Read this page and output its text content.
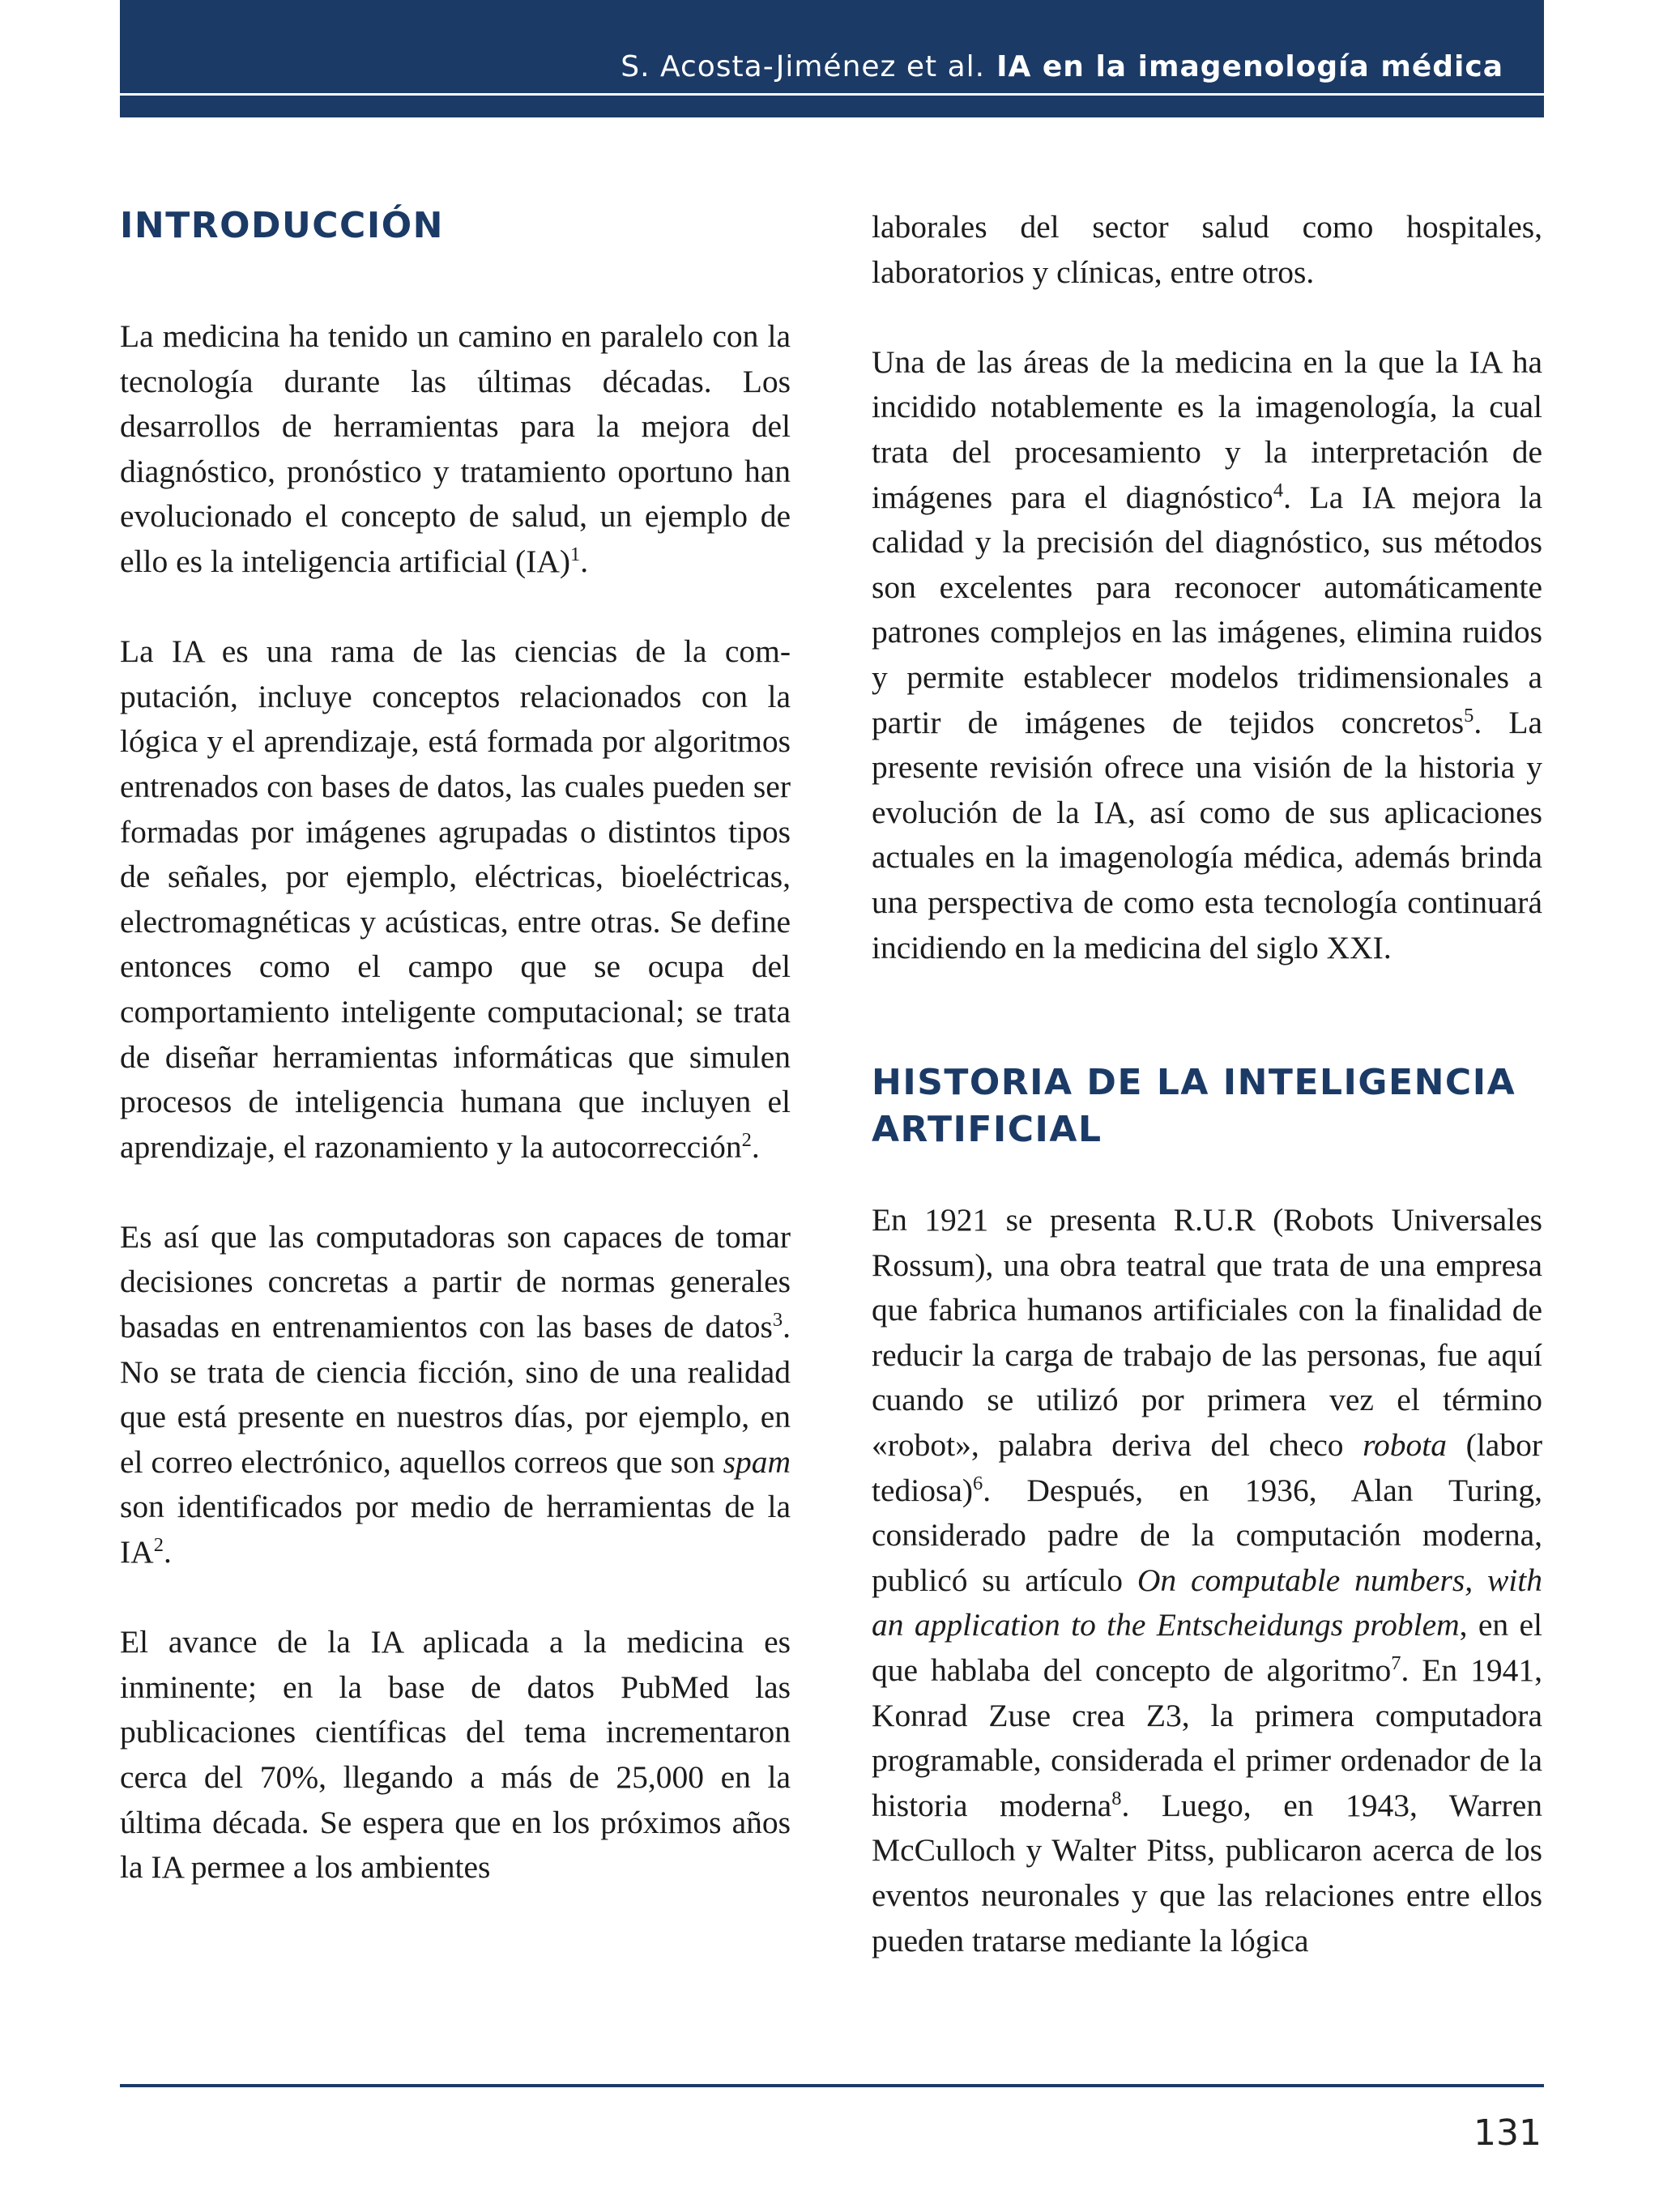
S. Acosta-Jiménez et al. IA en la imagenología médica
INTRODUCCIÓN

La medicina ha tenido un camino en paralelo con la tecnología durante las últimas décadas. Los desarrollos de herramientas para la mejora del diagnóstico, pronóstico y tratamiento oportuno han evolucionado el concepto de salud, un ejemplo de ello es la inteligencia artificial (IA)$^1$.

La IA es una rama de las ciencias de la computación, incluye conceptos relacionados con la lógica y el aprendizaje, está formada por algoritmos entrenados con bases de datos, las cuales pueden ser formadas por imágenes agrupadas o distintos tipos de señales, por ejemplo, eléctricas, bioeléctricas, electromagnéticas y acústicas, entre otras. Se define entonces como el campo que se ocupa del comportamiento inteligente computacional; se trata de diseñar herramientas informáticas que simulen procesos de inteligencia humana que incluyen el aprendizaje, el razonamiento y la autocorrección$^2$.

Es así que las computadoras son capaces de tomar decisiones concretas a partir de normas generales basadas en entrenamientos con las bases de datos$^3$. No se trata de ciencia ficción, sino de una realidad que está presente en nuestros días, por ejemplo, en el correo electrónico, aquellos correos que son spam son identificados por medio de herramientas de la IA$^2$.

El avance de la IA aplicada a la medicina es inminente; en la base de datos PubMed las publicaciones científicas del tema incrementaron cerca del 70%, llegando a más de 25,000 en la última década. Se espera que en los próximos años la IA permee a los ambientes

laborales del sector salud como hospitales, laboratorios y clínicas, entre otros.

Una de las áreas de la medicina en la que la IA ha incidido notablemente es la imagenología, la cual trata del procesamiento y la interpretación de imágenes para el diagnóstico$^4$. La IA mejora la calidad y la precisión del diagnóstico, sus métodos son excelentes para reconocer automáticamente patrones complejos en las imágenes, elimina ruidos y permite establecer modelos tridimensionales a partir de imágenes de tejidos concretos$^5$. La presente revisión ofrece una visión de la historia y evolución de la IA, así como de sus aplicaciones actuales en la imagenología médica, además brinda una perspectiva de como esta tecnología continuará incidiendo en la medicina del siglo XXI.

HISTORIA DE LA INTELIGENCIA ARTIFICIAL

En 1921 se presenta R.U.R (Robots Universales Rossum), una obra teatral que trata de una empresa que fabrica humanos artificiales con la finalidad de reducir la carga de trabajo de las personas, fue aquí cuando se utilizó por primera vez el término «robot», palabra deriva del checo robota (labor tediosa)$^6$. Después, en 1936, Alan Turing, considerado padre de la computación moderna, publicó su artículo On computable numbers, with an application to the Entscheidungs problem, en el que hablaba del concepto de algoritmo$^7$. En 1941, Konrad Zuse crea Z3, la primera computadora programable, considerada el primer ordenador de la historia moderna$^8$. Luego, en 1943, Warren McCulloch y Walter Pitss, publicaron acerca de los eventos neuronales y que las relaciones entre ellos pueden tratarse mediante la lógica

131
